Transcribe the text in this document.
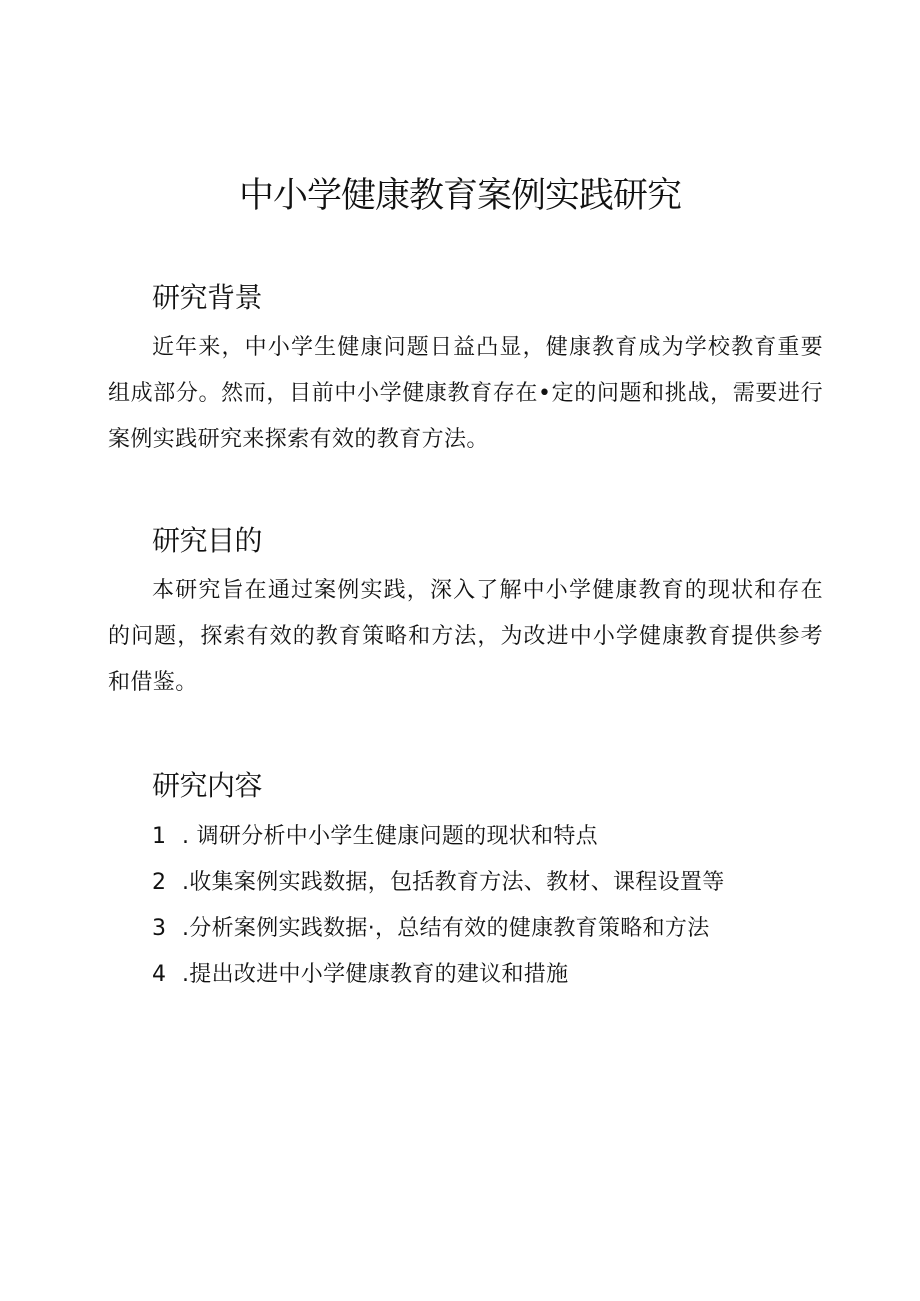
中小学健康教育案例实践研究
研究背景

近年来，中小学生健康问题日益凸显，健康教育成为学校教育重要组成部分。然而，目前中小学健康教育存在•定的问题和挑战，需要进行案例实践研究来探索有效的教育方法。

研究目的

本研究旨在通过案例实践，深入了解中小学健康教育的现状和存在的问题，探索有效的教育策略和方法，为改进中小学健康教育提供参考和借鉴。

研究内容
1 . 调研分析中小学生健康问题的现状和特点
2 .收集案例实践数据，包括教育方法、教材、课程设置等
3 .分析案例实践数据·，总结有效的健康教育策略和方法
4 .提出改进中小学健康教育的建议和措施
